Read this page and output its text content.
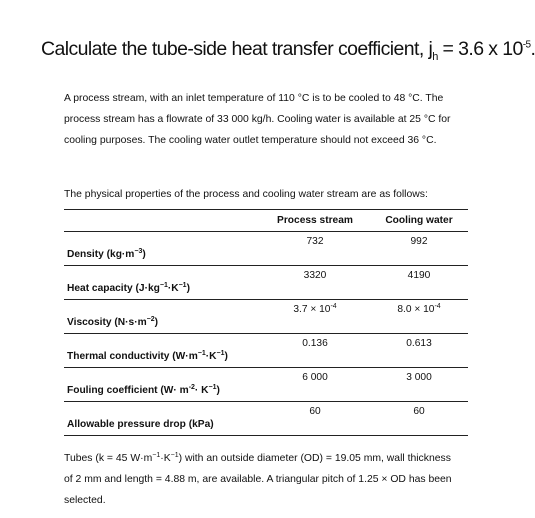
Calculate the tube-side heat transfer coefficient, $j_h = 3.6$ x $10^{-5}$.
A process stream, with an inlet temperature of 110 °C is to be cooled to 48 °C. The
process stream has a flowrate of 33 000 kg/h. Cooling water is available at 25 °C for
cooling purposes. The cooling water outlet temperature should not exceed 36 °C.
The physical properties of the process and cooling water stream are as follows:
	Process stream	Cooling water
Density $(kg\cdot m^{-3})$	732	992
Heat capacity $(J\cdot kg^{-1}\cdot K^{-1})$	3320	4190
Viscosity $(N\cdot s\cdot m^{-2})$	$3.7 \times 10^{-4}$	$8.0 \times 10^{-4}$
Thermal conductivity $(W\cdot m^{-1}\cdot K^{-1})$	0.136	0.613
Fouling coefficient $(W\cdot m^{-2}\cdot K^{-1})$	6 000	3 000
Allowable pressure drop (kPa)	60	60
Tubes (k = 45 $W\cdot m^{-1}\cdot K^{-1}$) with an outside diameter (OD) = 19.05 mm, wall thickness
of 2 mm and length = 4.88 m, are available. A triangular pitch of 1.25 × OD has been
selected.
